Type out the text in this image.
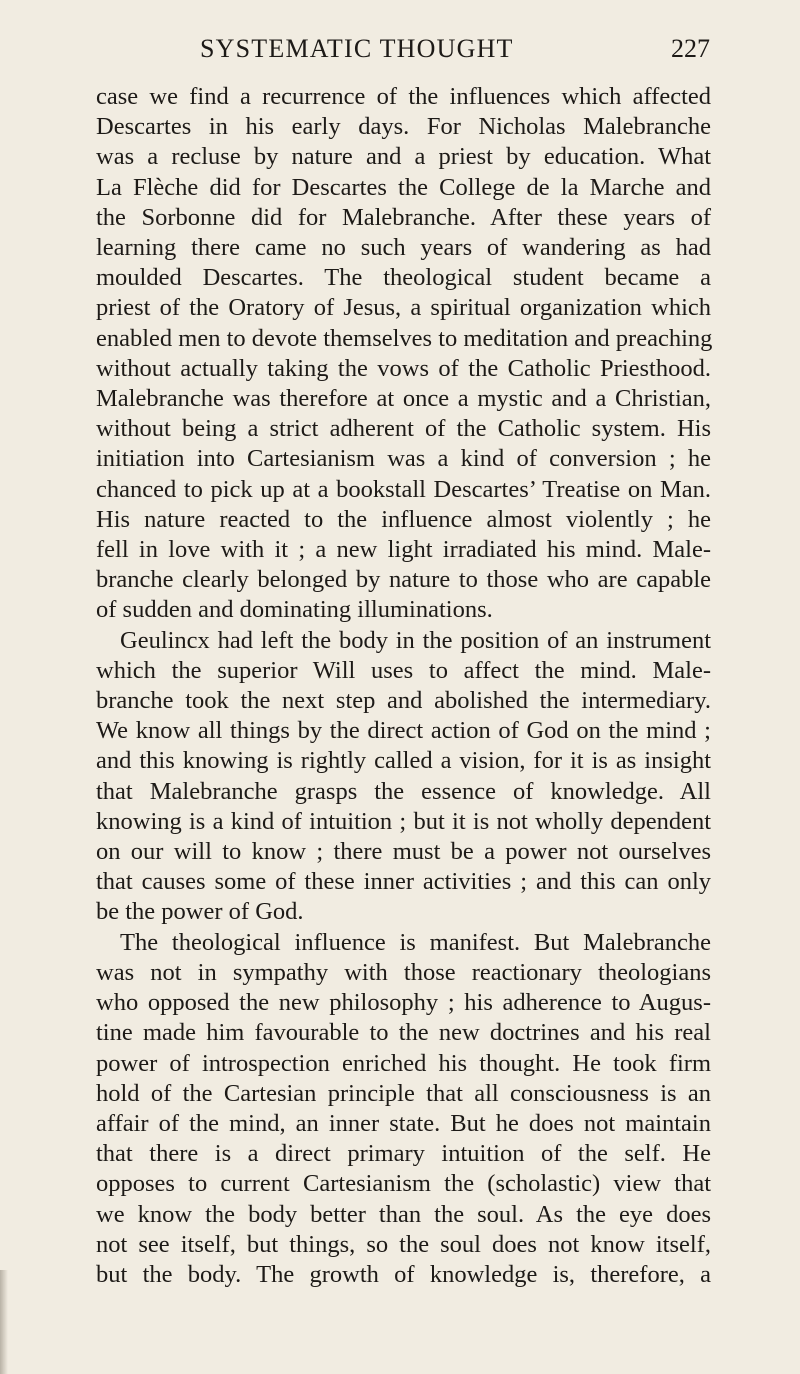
SYSTEMATIC THOUGHT	227
case we find a recurrence of the influences which affected
Descartes in his early days. For Nicholas Malebranche
was a recluse by nature and a priest by education. What
La Flèche did for Descartes the College de la Marche and
the Sorbonne did for Malebranche. After these years of
learning there came no such years of wandering as had
moulded Descartes. The theological student became a
priest of the Oratory of Jesus, a spiritual organization which
enabled men to devote themselves to meditation and preaching
without actually taking the vows of the Catholic Priesthood.
Malebranche was therefore at once a mystic and a Christian,
without being a strict adherent of the Catholic system. His
initiation into Cartesianism was a kind of conversion ; he
chanced to pick up at a bookstall Descartes’ Treatise on Man.
His nature reacted to the influence almost violently ; he
fell in love with it ; a new light irradiated his mind. Male-
branche clearly belonged by nature to those who are capable
of sudden and dominating illuminations.
Geulincx had left the body in the position of an instrument
which the superior Will uses to affect the mind. Male-
branche took the next step and abolished the intermediary.
We know all things by the direct action of God on the mind ;
and this knowing is rightly called a vision, for it is as insight
that Malebranche grasps the essence of knowledge. All
knowing is a kind of intuition ; but it is not wholly dependent
on our will to know ; there must be a power not ourselves
that causes some of these inner activities ; and this can only
be the power of God.
The theological influence is manifest. But Malebranche
was not in sympathy with those reactionary theologians
who opposed the new philosophy ; his adherence to Augus-
tine made him favourable to the new doctrines and his real
power of introspection enriched his thought. He took firm
hold of the Cartesian principle that all consciousness is an
affair of the mind, an inner state. But he does not maintain
that there is a direct primary intuition of the self. He
opposes to current Cartesianism the (scholastic) view that
we know the body better than the soul. As the eye does
not see itself, but things, so the soul does not know itself,
but the body. The growth of knowledge is, therefore, a
